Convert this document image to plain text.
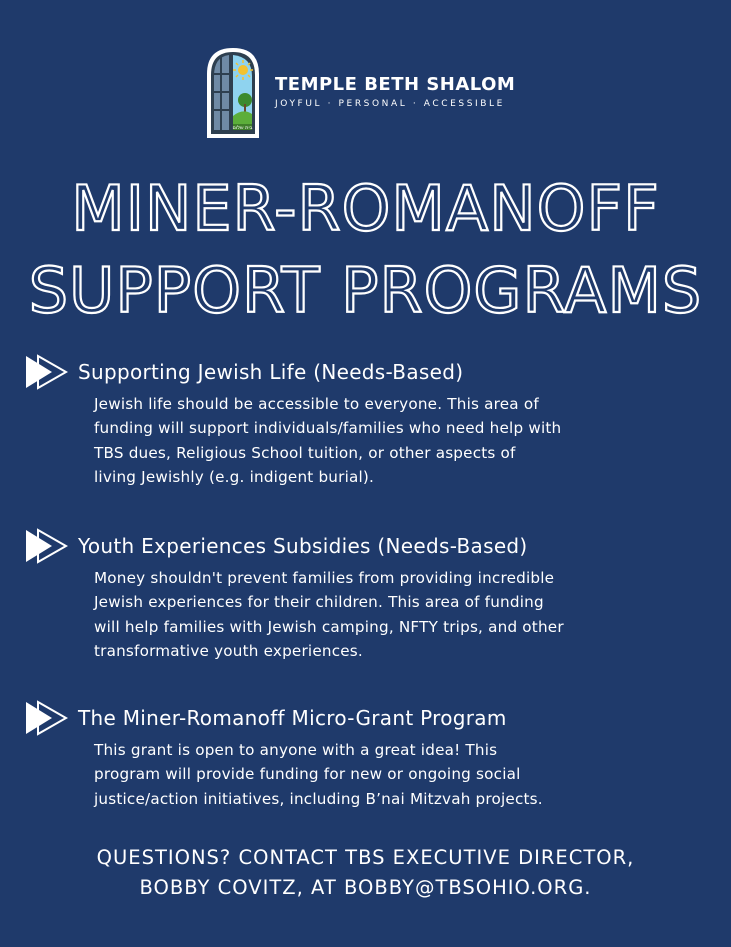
בית שלום
TEMPLE BETH SHALOM
JOYFUL · PERSONAL · ACCESSIBLE
MINER-ROMANOFF
SUPPORT PROGRAMS
Supporting Jewish Life (Needs-Based)
Jewish life should be accessible to everyone. This area of
funding will support individuals/families who need help with
TBS dues, Religious School tuition, or other aspects of
living Jewishly (e.g. indigent burial).
Youth Experiences Subsidies (Needs-Based)
Money shouldn't prevent families from providing incredible
Jewish experiences for their children. This area of funding
will help families with Jewish camping, NFTY trips, and other
transformative youth experiences.
The Miner-Romanoff Micro-Grant Program
This grant is open to anyone with a great idea! This
program will provide funding for new or ongoing social
justice/action initiatives, including B’nai Mitzvah projects.
QUESTIONS? CONTACT TBS EXECUTIVE DIRECTOR,
BOBBY COVITZ, AT BOBBY@TBSOHIO.ORG.
